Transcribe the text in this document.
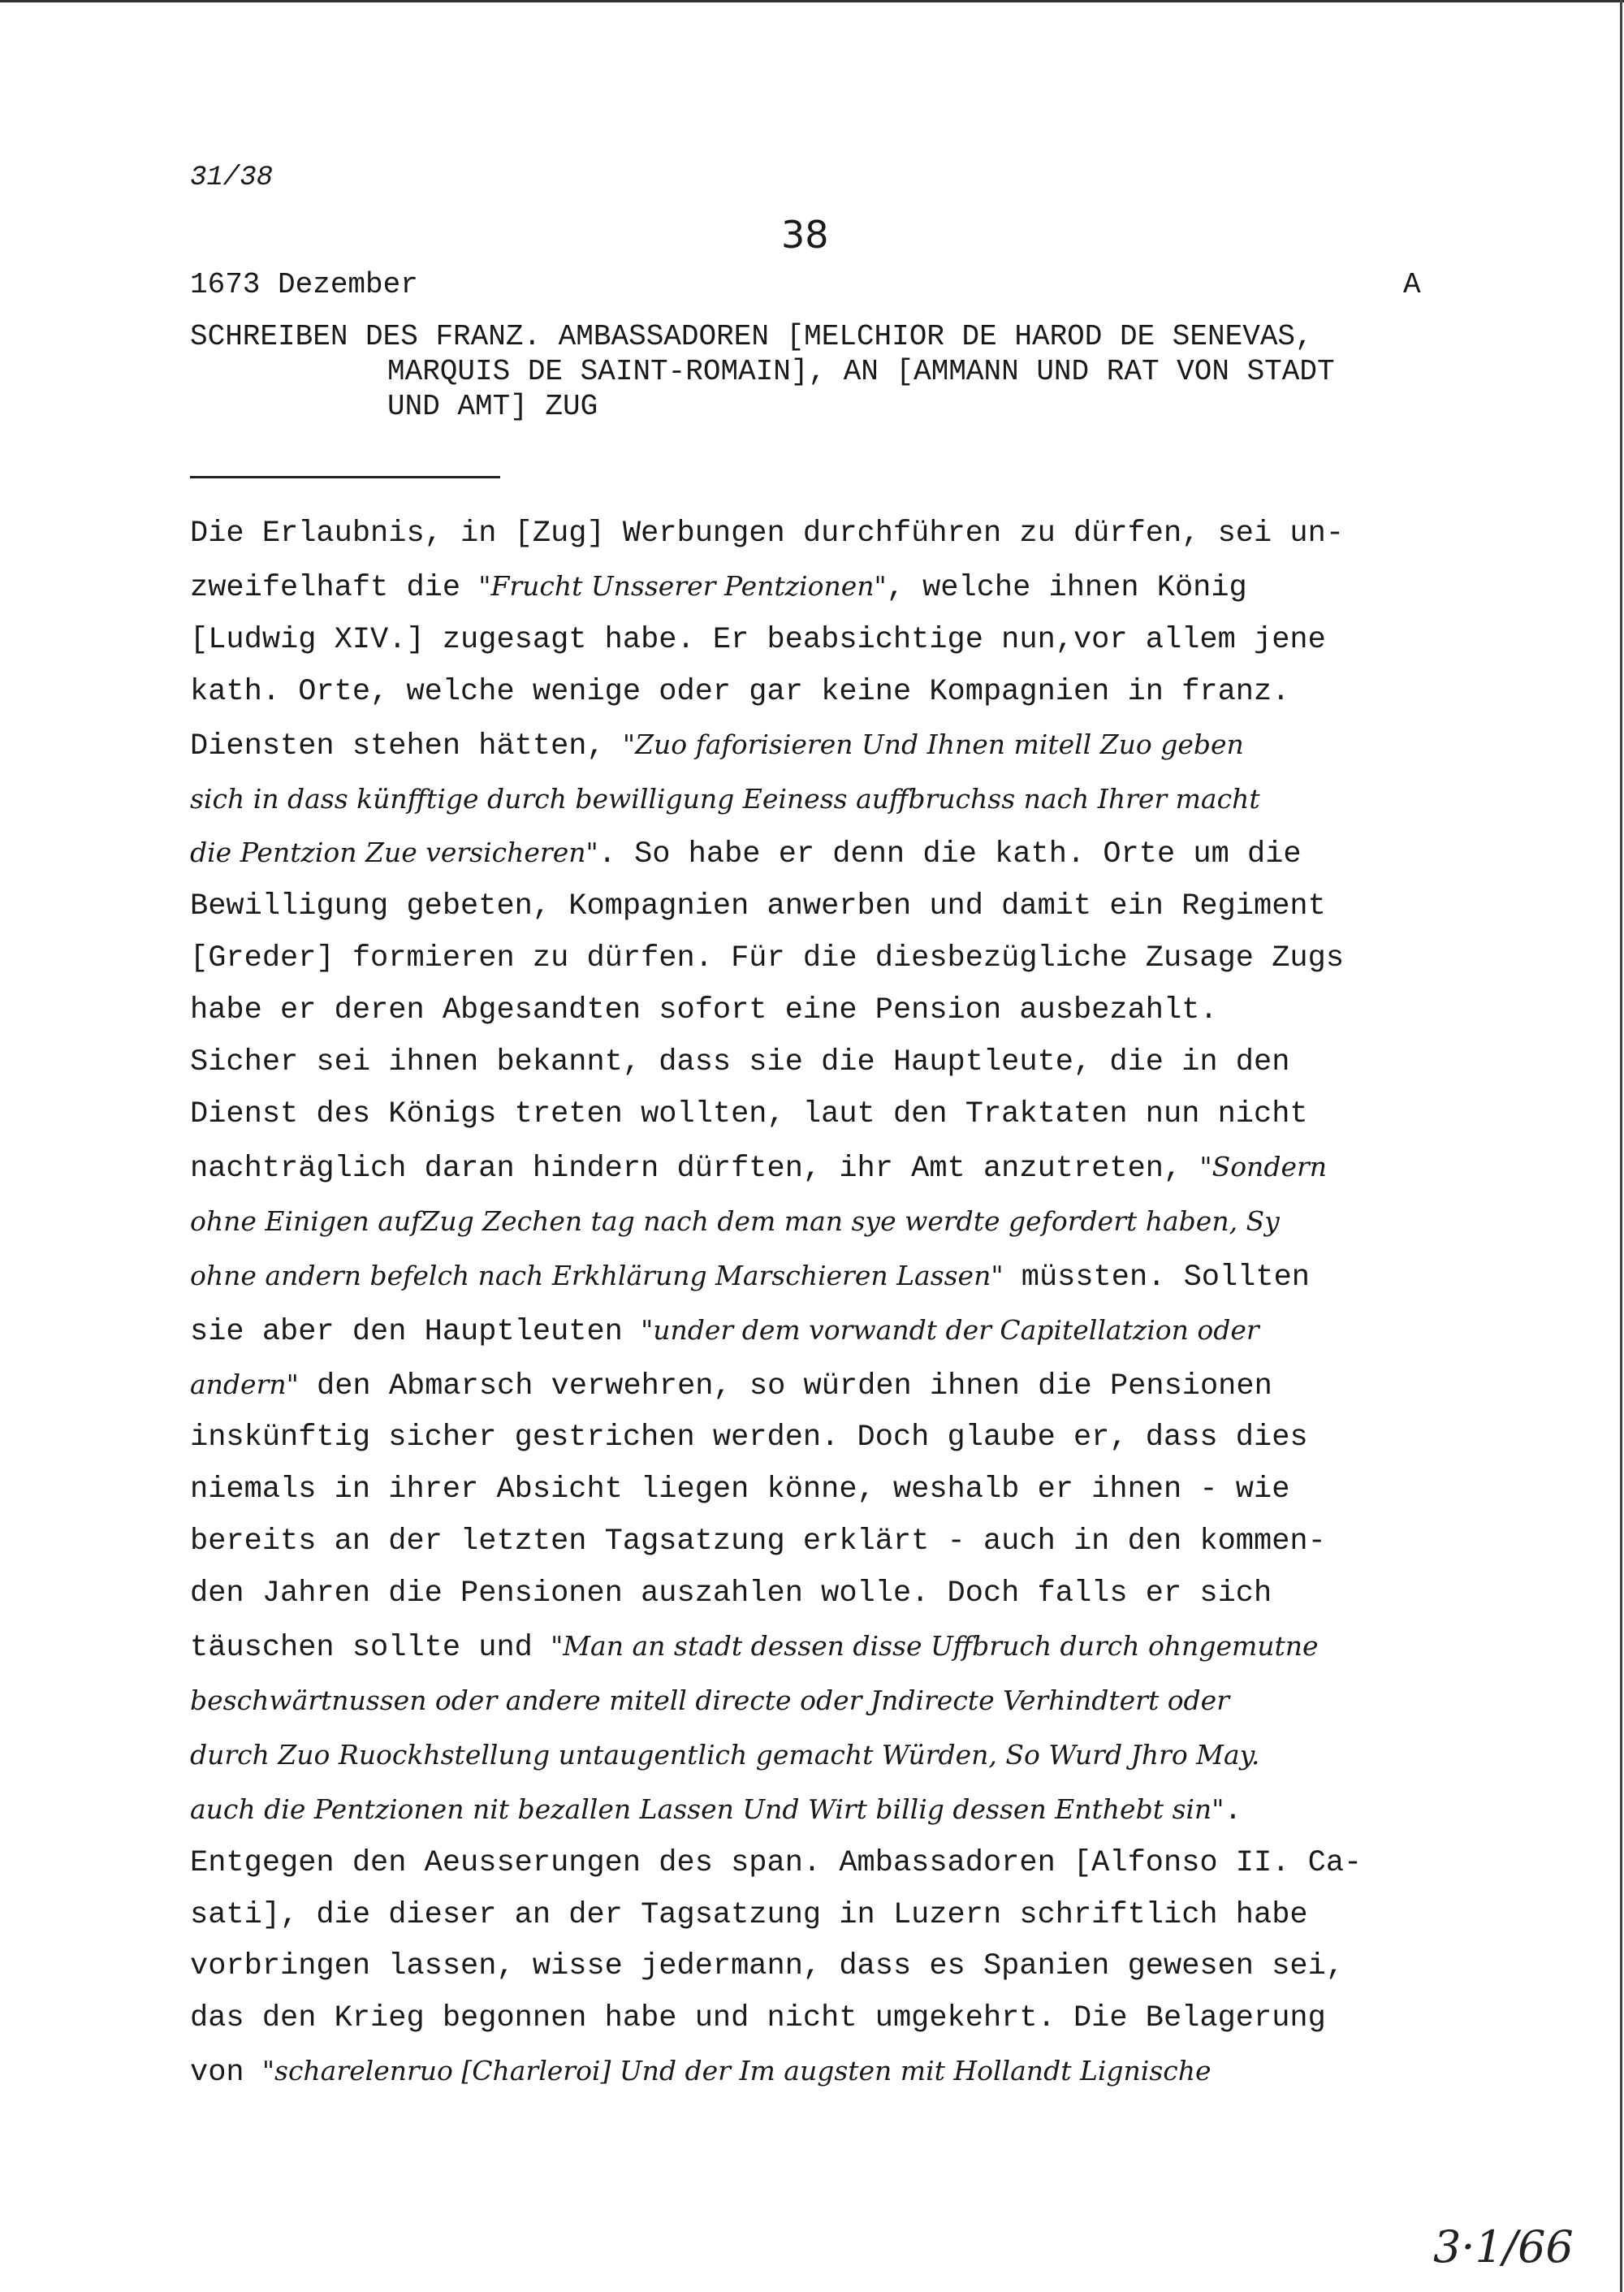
31/38
38
1673 Dezember	A
SCHREIBEN DES FRANZ. AMBASSADOREN [MELCHIOR DE HAROD DE SENEVAS,
MARQUIS DE SAINT-ROMAIN], AN [AMMANN UND RAT VON STADT
UND AMT] ZUG
Die Erlaubnis, in [Zug] Werbungen durchführen zu dürfen, sei un-
zweifelhaft die "Frucht Unsserer Pentzionen", welche ihnen König
[Ludwig XIV.] zugesagt habe. Er beabsichtige nun,vor allem jene
kath. Orte, welche wenige oder gar keine Kompagnien in franz.
Diensten stehen hätten, "Zuo faforisieren Und Ihnen mitell Zuo geben
sich in dass künfftige durch bewilligung Eeiness auffbruchss nach Ihrer macht
die Pentzion Zue versicheren". So habe er denn die kath. Orte um die
Bewilligung gebeten, Kompagnien anwerben und damit ein Regiment
[Greder] formieren zu dürfen. Für die diesbezügliche Zusage Zugs
habe er deren Abgesandten sofort eine Pension ausbezahlt.
Sicher sei ihnen bekannt, dass sie die Hauptleute, die in den
Dienst des Königs treten wollten, laut den Traktaten nun nicht
nachträglich daran hindern dürften, ihr Amt anzutreten, "Sondern
ohne Einigen aufZug Zechen tag nach dem man sye werdte gefordert haben, Sy
ohne andern befelch nach Erkhlärung Marschieren Lassen" müssten. Sollten
sie aber den Hauptleuten "under dem vorwandt der Capitellatzion oder
andern" den Abmarsch verwehren, so würden ihnen die Pensionen
inskünftig sicher gestrichen werden. Doch glaube er, dass dies
niemals in ihrer Absicht liegen könne, weshalb er ihnen - wie
bereits an der letzten Tagsatzung erklärt - auch in den kommen-
den Jahren die Pensionen auszahlen wolle. Doch falls er sich
täuschen sollte und "Man an stadt dessen disse Uffbruch durch ohngemutne
beschwärtnussen oder andere mitell directe oder Jndirecte Verhindtert oder
durch Zuo Ruockhstellung untaugentlich gemacht Würden, So Wurd Jhro May.
auch die Pentzionen nit bezallen Lassen Und Wirt billig dessen Enthebt sin".
Entgegen den Aeusserungen des span. Ambassadoren [Alfonso II. Ca-
sati], die dieser an der Tagsatzung in Luzern schriftlich habe
vorbringen lassen, wisse jedermann, dass es Spanien gewesen sei,
das den Krieg begonnen habe und nicht umgekehrt. Die Belagerung
von "scharelenruo [Charleroi] Und der Im augsten mit Hollandt Lignische
3·1/66
